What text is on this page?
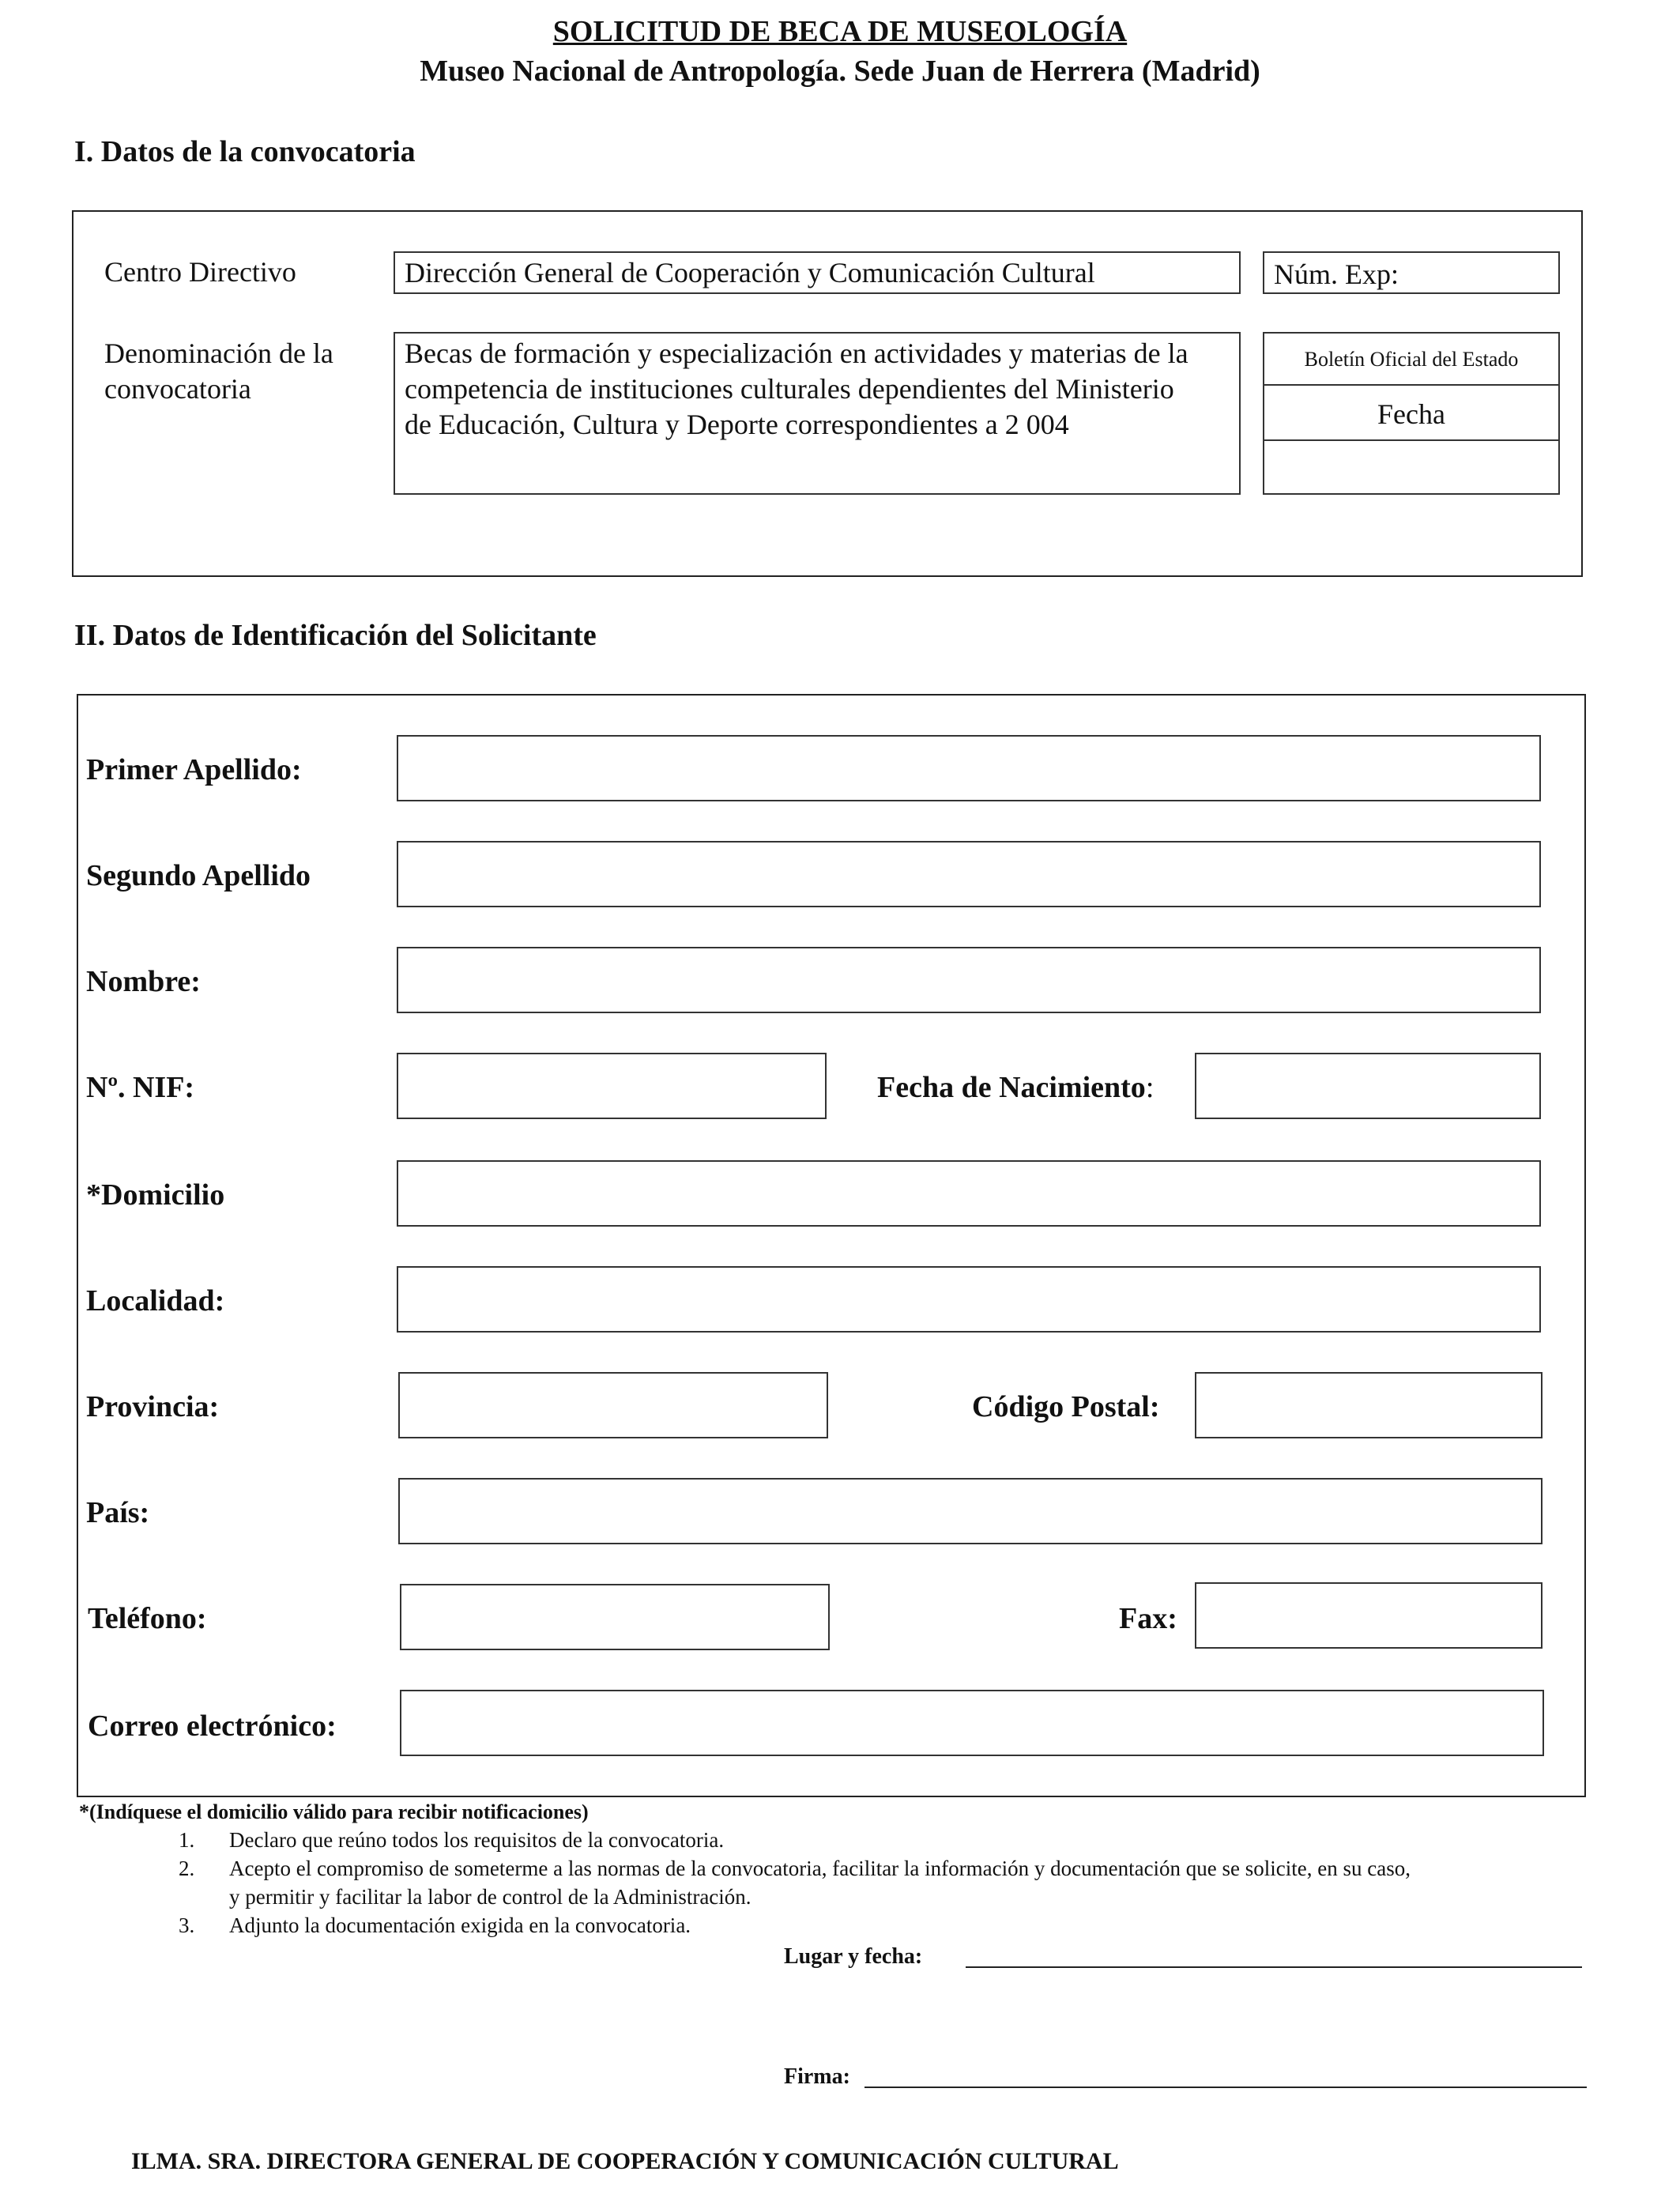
SOLICITUD DE BECA DE MUSEOLOGÍA
Museo Nacional de Antropología. Sede Juan de Herrera (Madrid)
I. Datos de la convocatoria
Centro Directivo	Dirección General de Cooperación y Comunicación Cultural	Núm. Exp:
Denominación de la
convocatoria
Becas de formación y especialización en actividades y materias de la
competencia de instituciones culturales dependientes del Ministerio
de Educación, Cultura y Deporte correspondientes a 2 004
Boletín Oficial del Estado
Fecha
II. Datos de Identificación del Solicitante
Primer Apellido:
Segundo Apellido
Nombre:
Nº. NIF:	Fecha de Nacimiento:
*Domicilio
Localidad:
Provincia:	Código Postal:
País:
Teléfono:	Fax:
Correo electrónico:
*(Indíquese el domicilio válido para recibir notificaciones)
1. Declaro que reúno todos los requisitos de la convocatoria.
2. Acepto el compromiso de someterme a las normas de la convocatoria, facilitar la información y documentación que se solicite, en su caso,
y permitir y facilitar la labor de control de la Administración.
3. Adjunto la documentación exigida en la convocatoria.
Lugar y fecha:
Firma:
ILMA. SRA. DIRECTORA GENERAL DE COOPERACIÓN Y COMUNICACIÓN CULTURAL
